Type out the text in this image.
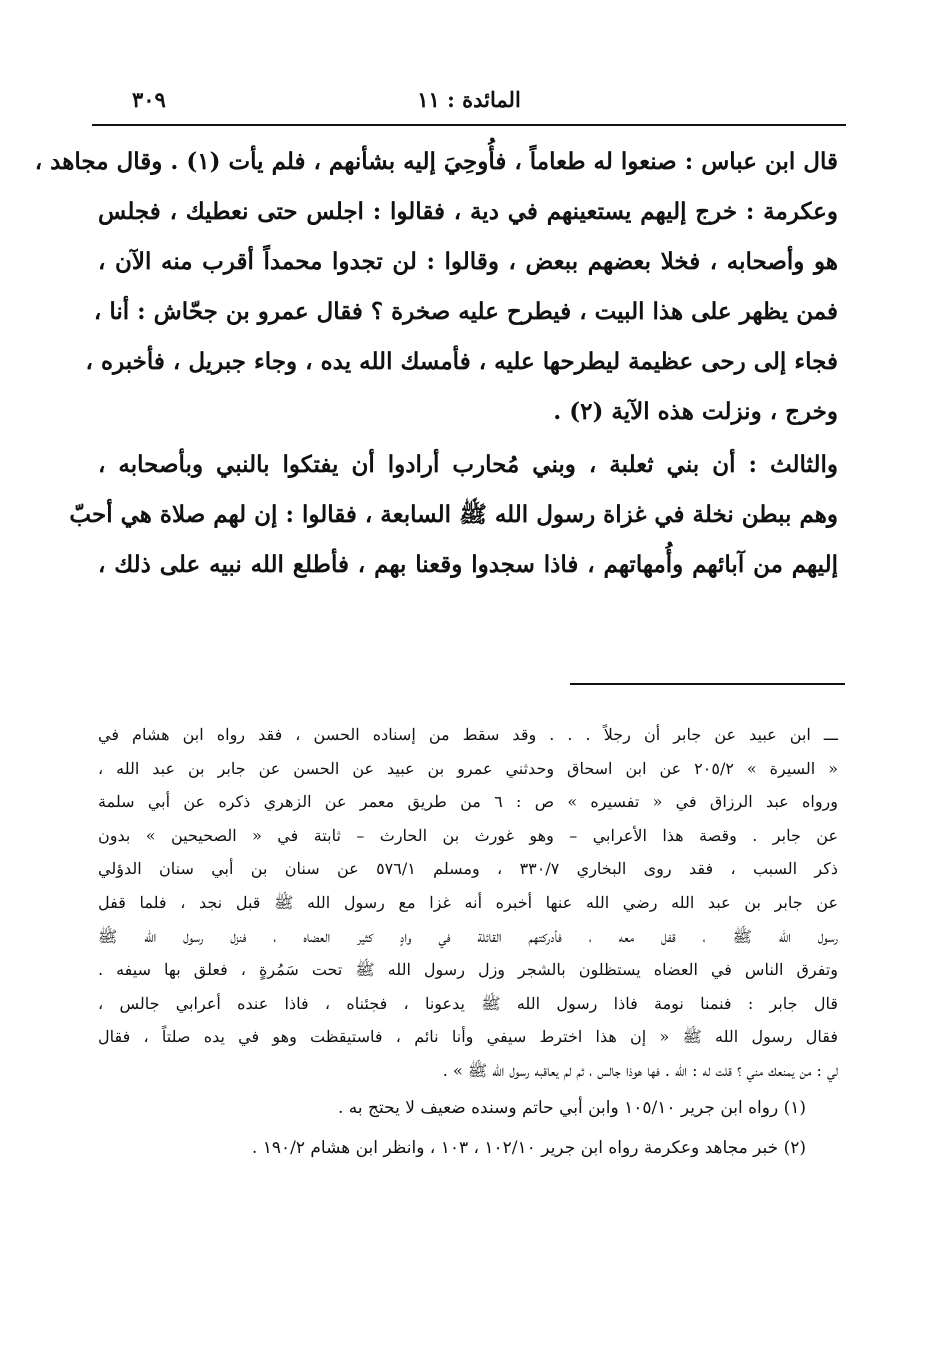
المائدة : ١١
٣٠٩
قال ابن عباس : صنعوا له طعاماً ، فأُوحِيَ إليه بشأنهم ، فلم يأت (١) . وقال مجاهد ،
وعكرمة : خرج إليهم يستعينهم في دية ، فقالوا : اجلس حتى نعطيك ، فجلس
هو وأصحابه ، فخلا بعضهم ببعض ، وقالوا : لن تجدوا محمداً أقرب منه الآن ،
فمن يظهر على هذا البيت ، فيطرح عليه صخرة ؟ فقال عمرو بن جحّاش : أنا ،
فجاء إلى رحى عظيمة ليطرحها عليه ، فأمسك الله يده ، وجاء جبريل ، فأخبره ،
وخرج ، ونزلت هذه الآية (٢) .
والثالث : أن بني ثعلبة ، وبني مُحارب أرادوا أن يفتكوا بالنبي وبأصحابه ،
وهم ببطن نخلة في غزاة رسول الله ﷺ السابعة ، فقالوا : إن لهم صلاة هي أحبّ
إليهم من آبائهم وأُمهاتهم ، فاذا سجدوا وقعنا بهم ، فأطلع الله نبيه على ذلك ،
ـــ ابن عبيد عن جابر أن رجلاً . . . وقد سقط من إسناده الحسن ، فقد رواه ابن هشام في
« السيرة » ٢٠٥/٢ عن ابن اسحاق وحدثني عمرو بن عبيد عن الحسن عن جابر بن عبد الله ،
ورواه عبد الرزاق في « تفسيره » ص : ٦ من طريق معمر عن الزهري ذكره عن أبي سلمة
عن جابر . وقصة هذا الأعرابي – وهو غورث بن الحارث – ثابتة في « الصحيحين » بدون
ذكر السبب ، فقد روى البخاري ٣٣٠/٧ ، ومسلم ٥٧٦/١ عن سنان بن أبي سنان الدؤلي
عن جابر بن عبد الله رضي الله عنها أخبره أنه غزا مع رسول الله ﷺ قبل نجد ، فلما قفل
رسول الله ﷺ ، قفل معه ، فأدركتهم القائلة في وادٍ كثير العضاه ، فنزل رسول الله ﷺ
وتفرق الناس في العضاه يستظلون بالشجر وزل رسول الله ﷺ تحت سَمُرةٍ ، فعلق بها سيفه .
قال جابر : فنمنا نومة فاذا رسول الله ﷺ يدعونا ، فجئناه ، فاذا عنده أعرابي جالس ،
فقال رسول الله ﷺ « إن هذا اخترط سيفي وأنا نائم ، فاستيقظت وهو في يده صلتاً ، فقال
لي : من يمنعك مني ؟ قلت له : الله . فها هوذا جالس ، ثم لم يعاقبه رسول الله ﷺ » .
(١) رواه ابن جرير ١٠٥/١٠ وابن أبي حاتم وسنده ضعيف لا يحتج به .
(٢) خبر مجاهد وعكرمة رواه ابن جرير ١٠٢/١٠ ، ١٠٣ ، وانظر ابن هشام ١٩٠/٢ .
